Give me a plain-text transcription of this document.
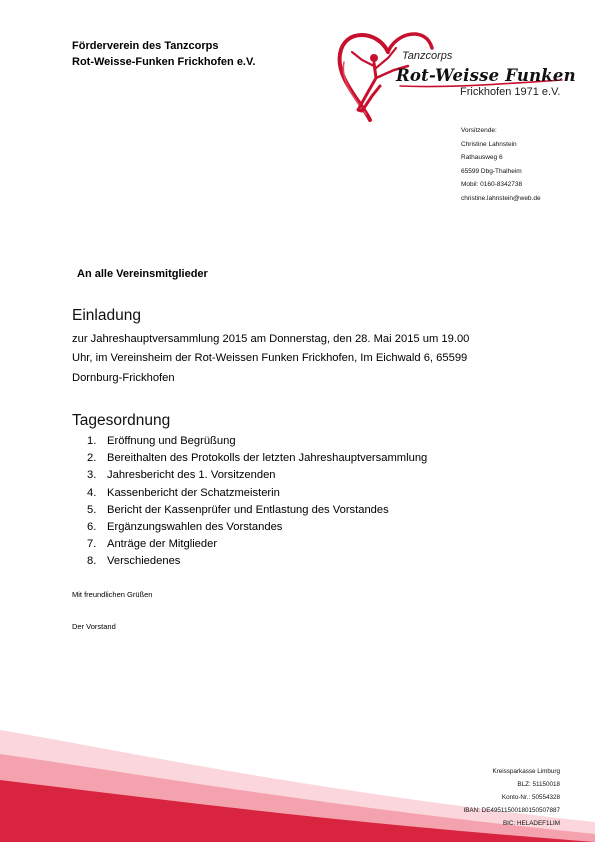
Förderverein des Tanzcorps
Rot-Weisse-Funken Frickhofen e.V.	Tanzcorps
Rot-Weisse Funken
Frickhofen 1971 e.V.
Vorsitzende:
Christine Lahnstein
Rathausweg 6
65599 Dbg-Thalheim
Mobil: 0160-8342738
christine.lahnstein@web.de
An alle Vereinsmitglieder
Einladung
zur Jahreshauptversammlung 2015 am Donnerstag, den 28. Mai 2015 um 19.00
Uhr, im Vereinsheim der Rot-Weissen Funken Frickhofen, Im Eichwald 6, 65599
Dornburg-Frickhofen
Tagesordnung
1. Eröffnung und Begrüßung
2. Bereithalten des Protokolls der letzten Jahreshauptversammlung
3. Jahresbericht des 1. Vorsitzenden
4. Kassenbericht der Schatzmeisterin
5. Bericht der Kassenprüfer und Entlastung des Vorstandes
6. Ergänzungswahlen des Vorstandes
7. Anträge der Mitglieder
8. Verschiedenes
Mit freundlichen Grüßen
Der Vorstand
Kreissparkasse Limburg
BLZ: 51150018
Konto-Nr.: 50554328
IBAN: DE49511500180150507887
BIC: HELADEF1LIM
